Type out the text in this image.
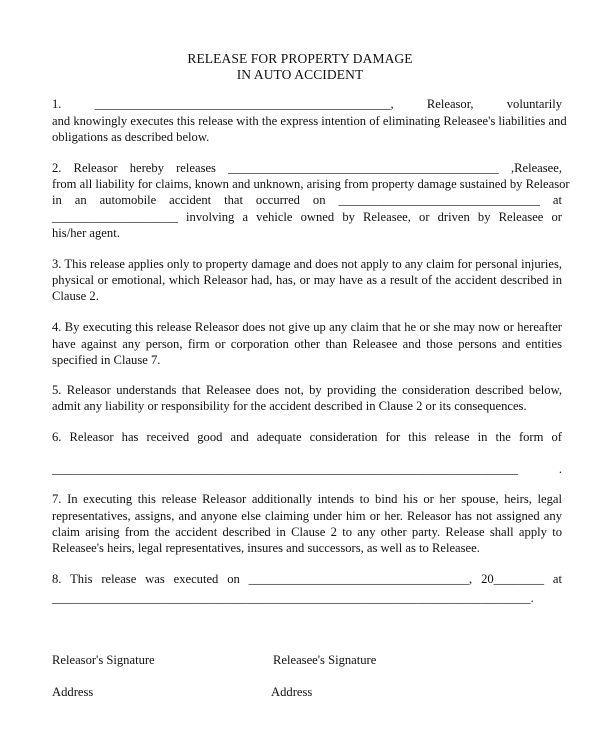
RELEASE FOR PROPERTY DAMAGE
IN AUTO ACCIDENT
1. _______________________________________________, Releasor, voluntarily
and knowingly executes this release with the express intention of eliminating Releasee's liabilities and
obligations as described below.
2. Releasor hereby releases ___________________________________________ ,Releasee,
from all liability for claims, known and unknown, arising from property damage sustained by Releasor
in an automobile accident that occurred on ________________________________ at
____________________ involving a vehicle owned by Releasee, or driven by Releasee or
his/her agent.
3. This release applies only to property damage and does not apply to any claim for personal injuries,
physical or emotional, which Releasor had, has, or may have as a result of the accident described in
Clause 2.
4. By executing this release Releasor does not give up any claim that he or she may now or hereafter
have against any person, firm or corporation other than Releasee and those persons and entities
specified in Clause 7.
5. Releasor understands that Releasee does not, by providing the consideration described below,
admit any liability or responsibility for the accident described in Clause 2 or its consequences.
6. Releasor has received good and adequate consideration for this release in the form of
__________________________________________________________________________ .
7. In executing this release Releasor additionally intends to bind his or her spouse, heirs, legal
representatives, assigns, and anyone else claiming under him or her. Releasor has not assigned any
claim arising from the accident described in Clause 2 to any other party. Release shall apply to
Releasee's heirs, legal representatives, insures and successors, as well as to Releasee.
8. This release was executed on ___________________________________, 20________ at
____________________________________________________________________________.
Releasor's Signature	Releasee's Signature
Address	Address
